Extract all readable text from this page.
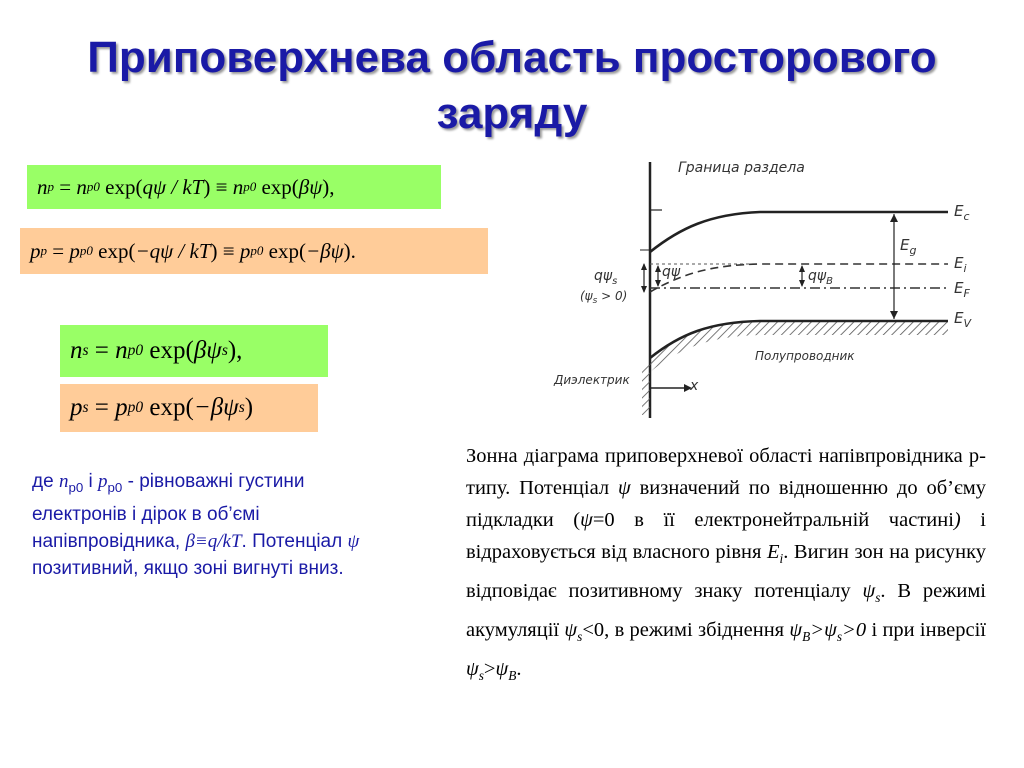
Приповерхнева область просторового
заряду
n p = n p0 exp( qψ / kT ) ≡ n p0 exp( βψ ),
p p = p p0 exp( −qψ / kT ) ≡ p p0 exp( −βψ ).
n s = n p0 exp( βψ s ),
p s = p p0 exp( −βψ s )
де $n_{p0}$ і $p_{p0}$ - рівноважні густини електронів і дірок в об’ємі напівпровідника, β≡q/kT. Потенціал ψ позитивний, якщо зоні вигнуті вниз.
Граница раздела
$E_c$
$E_g$
$E_i$
$E_F$
$E_V$
$q\psi_s$
$(\psi_s > 0)$
qψ	$q\psi_B$
Полупроводник
Диэлектрик	x
Зонна діаграма приповерхневої області напівпровідника р-типу. Потенціал ψ визначений по відношенню до об’єму підкладки (ψ=0 в її електронейтральній частині) і відраховується від власного рівня $E_i$. Вигин зон на рисунку відповідає позитивному знаку потенціалу $\psi_s$. В режимі акумуляції $\psi_s<0$, в режимі збіднення $\psi_B>\psi_s>0$ і при інверсії $\psi_s>\psi_B$.
